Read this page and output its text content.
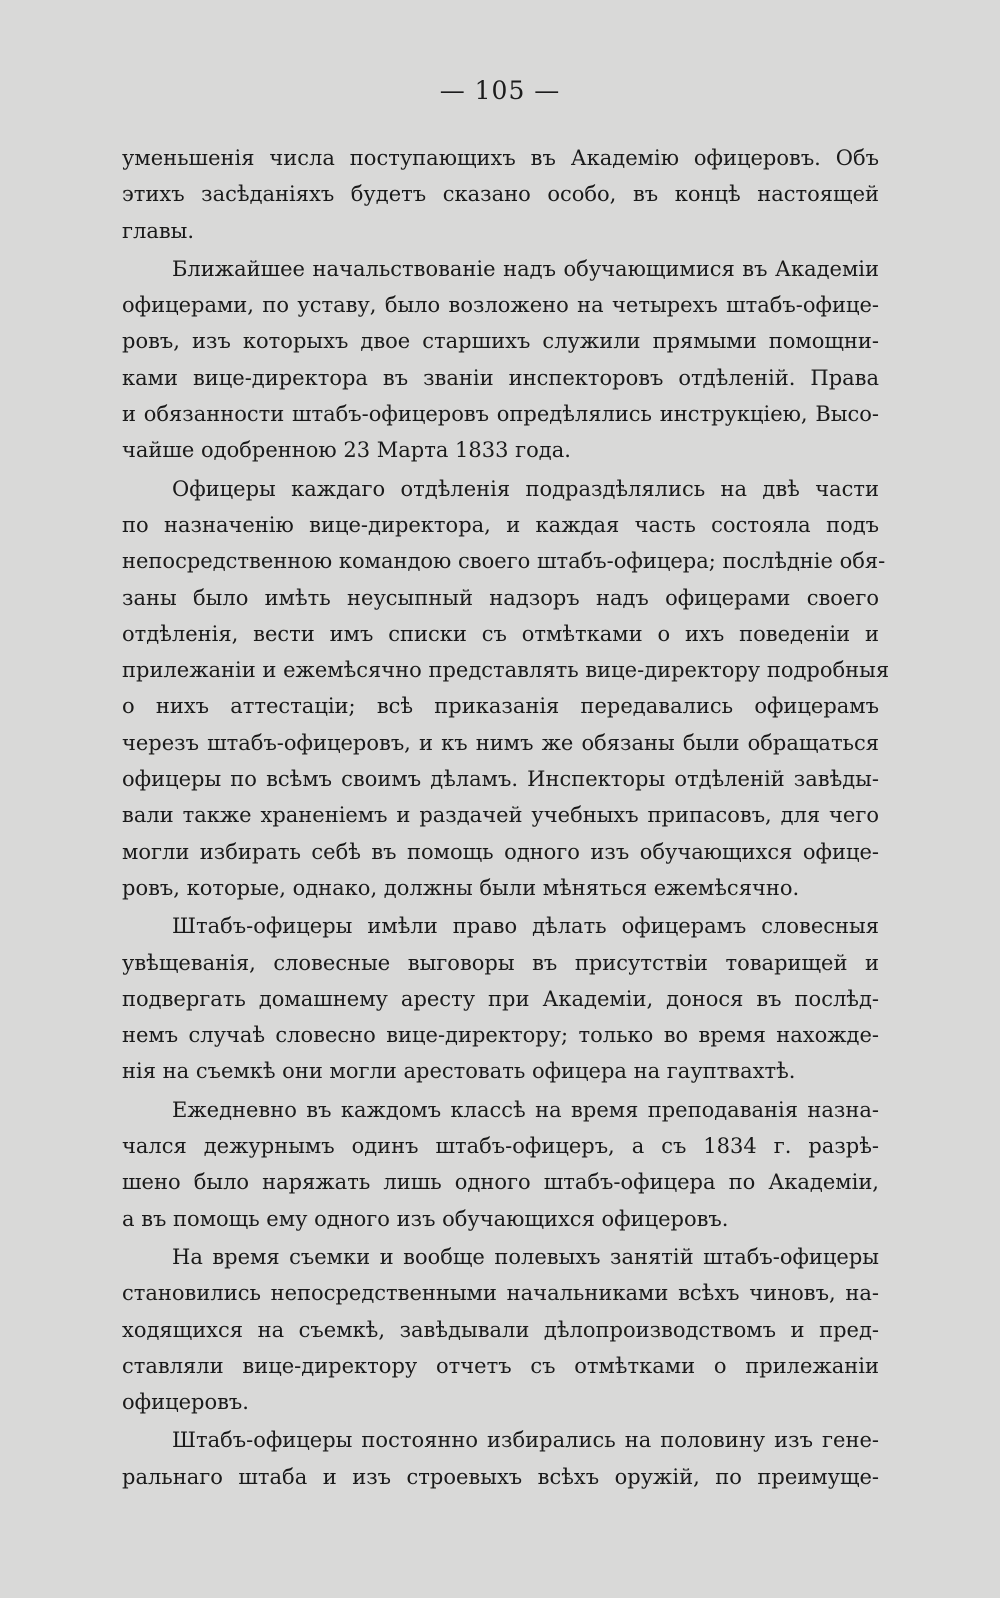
— 105 —
уменьшенія числа поступающихъ въ Академію офицеровъ. Объ
этихъ засѣданіяхъ будетъ сказано особо, въ концѣ настоящей
главы.
Ближайшее начальствованіе надъ обучающимися въ Академіи
офицерами, по уставу, было возложено на четырехъ штабъ-офице-
ровъ, изъ которыхъ двое старшихъ служили прямыми помощни-
ками вице-директора въ званіи инспекторовъ отдѣленій. Права
и обязанности штабъ-офицеровъ опредѣлялись инструкціею, Высо-
чайше одобренною 23 Марта 1833 года.
Офицеры каждаго отдѣленія подраздѣлялись на двѣ части
по назначенію вице-директора, и каждая часть состояла подъ
непосредственною командою своего штабъ-офицера; послѣдніе обя-
заны было имѣть неусыпный надзоръ надъ офицерами своего
отдѣленія, вести имъ списки съ отмѣтками о ихъ поведеніи и
прилежаніи и ежемѣсячно представлять вице-директору подробныя
о нихъ аттестаціи; всѣ приказанія передавались офицерамъ
черезъ штабъ-офицеровъ, и къ нимъ же обязаны были обращаться
офицеры по всѣмъ своимъ дѣламъ. Инспекторы отдѣленій завѣды-
вали также храненіемъ и раздачей учебныхъ припасовъ, для чего
могли избирать себѣ въ помощь одного изъ обучающихся офице-
ровъ, которые, однако, должны были мѣняться ежемѣсячно.
Штабъ-офицеры имѣли право дѣлать офицерамъ словесныя
увѣщеванія, словесные выговоры въ присутствіи товарищей и
подвергать домашнему аресту при Академіи, донося въ послѣд-
немъ случаѣ словесно вице-директору; только во время нахожде-
нія на съемкѣ они могли арестовать офицера на гауптвахтѣ.
Ежедневно въ каждомъ классѣ на время преподаванія назна-
чался дежурнымъ одинъ штабъ-офицеръ, а съ 1834 г. разрѣ-
шено было наряжать лишь одного штабъ-офицера по Академіи,
а въ помощь ему одного изъ обучающихся офицеровъ.
На время съемки и вообще полевыхъ занятій штабъ-офицеры
становились непосредственными начальниками всѣхъ чиновъ, на-
ходящихся на съемкѣ, завѣдывали дѣлопроизводствомъ и пред-
ставляли вице-директору отчетъ съ отмѣтками о прилежаніи
офицеровъ.
Штабъ-офицеры постоянно избирались на половину изъ гене-
ральнаго штаба и изъ строевыхъ всѣхъ оружій, по преимуще-
